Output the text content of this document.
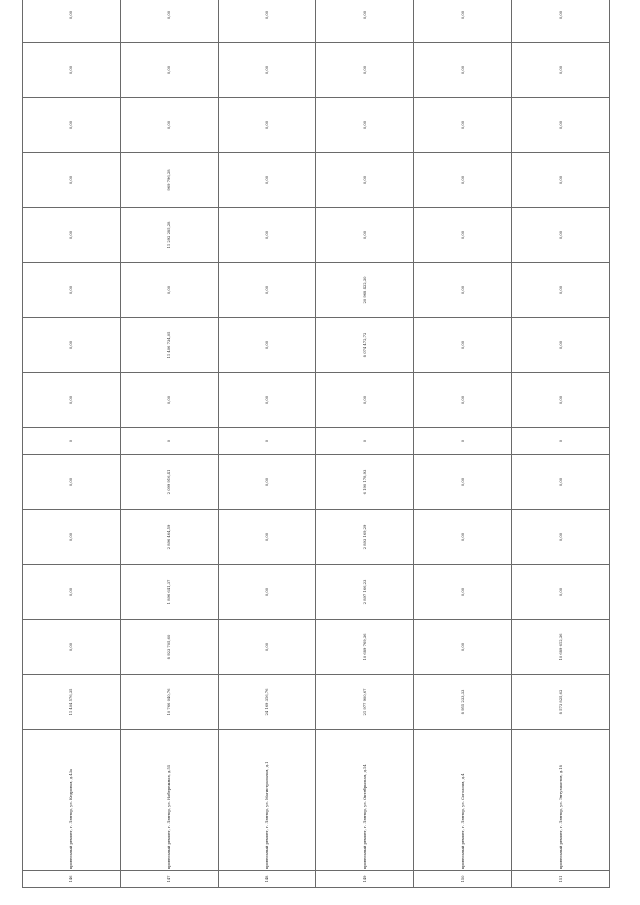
146	кровельный ремонт, г. Лянтор, ул. Кедровая, д.43а	11 404 576,35	0,00	0,00	0,00	0,00	0	0,00	0,00	0,00	0,00	0,00	0,00	0,00	0,00
147	кровельный ремонт, г. Лянтор, ул. Набережная, д.55	10 766 040,76	8 923 705,60	1 896 641,37	2 896 464,59	2 099 916,41	0	0,00	11 406 734,05	0,00	11 292 285,28	969 796,28	0,00	0,00	0,00
148	кровельный ремонт, г. Лянтор, ул. Магистральная, д.1	24 169 316,76	0,00	0,00	0,00	0,00	0	0,00	0,00	0,00	0,00	0,00	0,00	0,00	0,00
149	кровельный ремонт, г. Лянтор, ул. Октябрьская, д.14	21 977 900,67	10 689 769,36	2 897 166,23	2 893 169,29	6 190 178,93	0	0,00	8 074 472,72	20 968 422,30	0,00	0,00	0,00	0,00	0,00
150	кровельный ремонт, г. Лянтор, ул. Согласия, д.4	8 955 233,33	0,00	0,00	0,00	0,00	0	0,00	0,00	0,00	0,00	0,00	0,00	0,00	0,00
151	кровельный ремонт, г. Лянтор, ул. Энтузиастов, д.18	8 573 825,62	10 689 612,36	0,00	0,00	0,00	0	0,00	0,00	0,00	0,00	0,00	0,00	0,00	0,00
